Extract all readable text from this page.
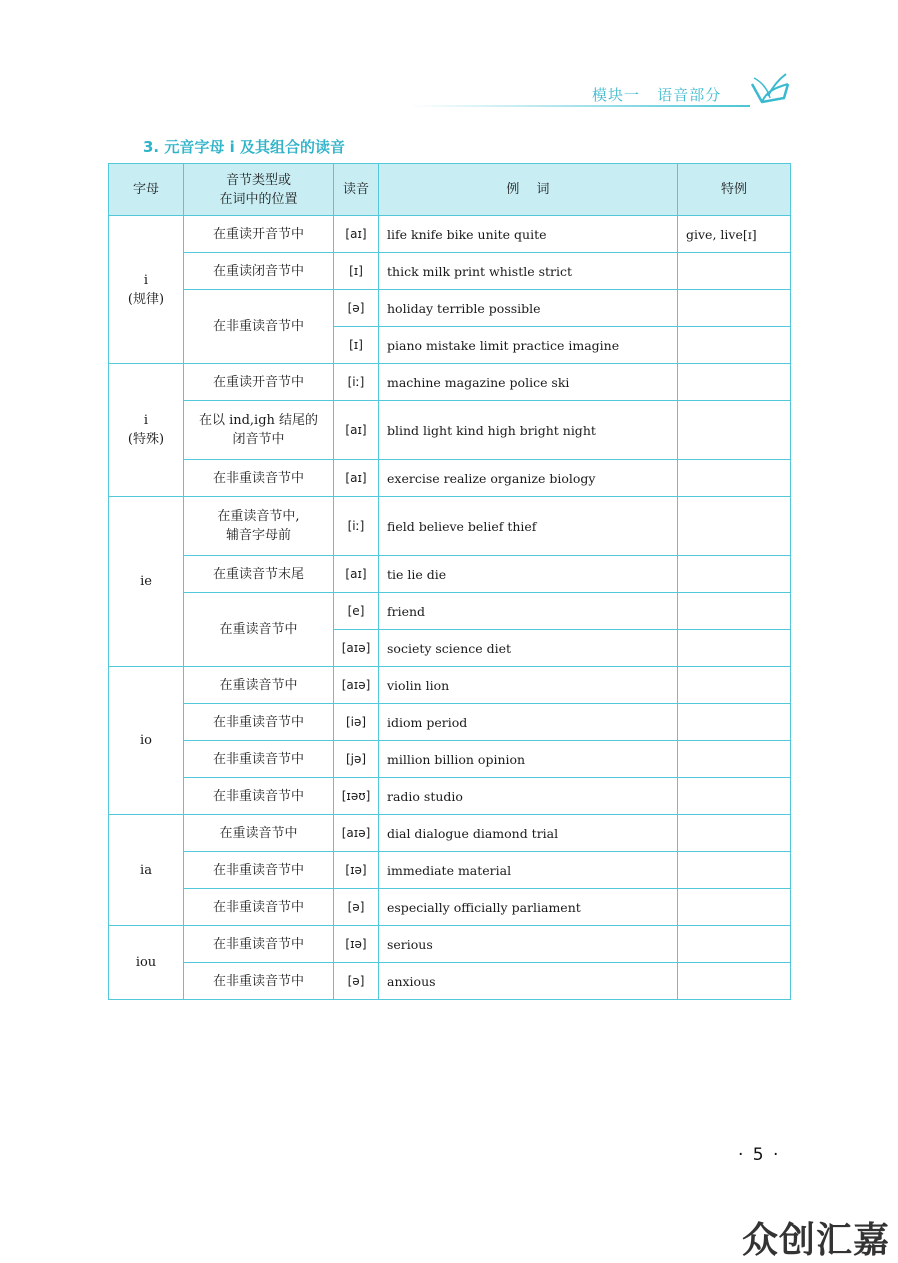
模块一   语音部分
3. 元音字母 i 及其组合的读音
字母	音节类型或
在词中的位置	读音	例　 词	特例
i
(规律)	在重读开音节中	[aɪ]	life knife bike unite quite	give, live[ɪ]
	在重读闭音节中	[ɪ]	thick milk print whistle strict	
	在非重读音节中	[ə]	holiday terrible possible	
		[ɪ]	piano mistake limit practice imagine	
i
(特殊)	在重读开音节中	[iː]	machine magazine police ski	
	在以 ind,igh 结尾的
闭音节中	[aɪ]	blind light kind high bright night	
	在非重读音节中	[aɪ]	exercise realize organize biology	
ie	在重读音节中,
辅音字母前	[iː]	field believe belief thief	
	在重读音节末尾	[aɪ]	tie lie die	
	在重读音节中	[e]	friend	
		[aɪə]	society science diet	
io	在重读音节中	[aɪə]	violin lion	
	在非重读音节中	[iə]	idiom period	
	在非重读音节中	[jə]	million billion opinion	
	在非重读音节中	[ɪəʊ]	radio studio	
ia	在重读音节中	[aɪə]	dial dialogue diamond trial	
	在非重读音节中	[ɪə]	immediate material	
	在非重读音节中	[ə]	especially officially parliament	
iou	在非重读音节中	[ɪə]	serious	
	在非重读音节中	[ə]	anxious	
· 5 ·
众创汇嘉
